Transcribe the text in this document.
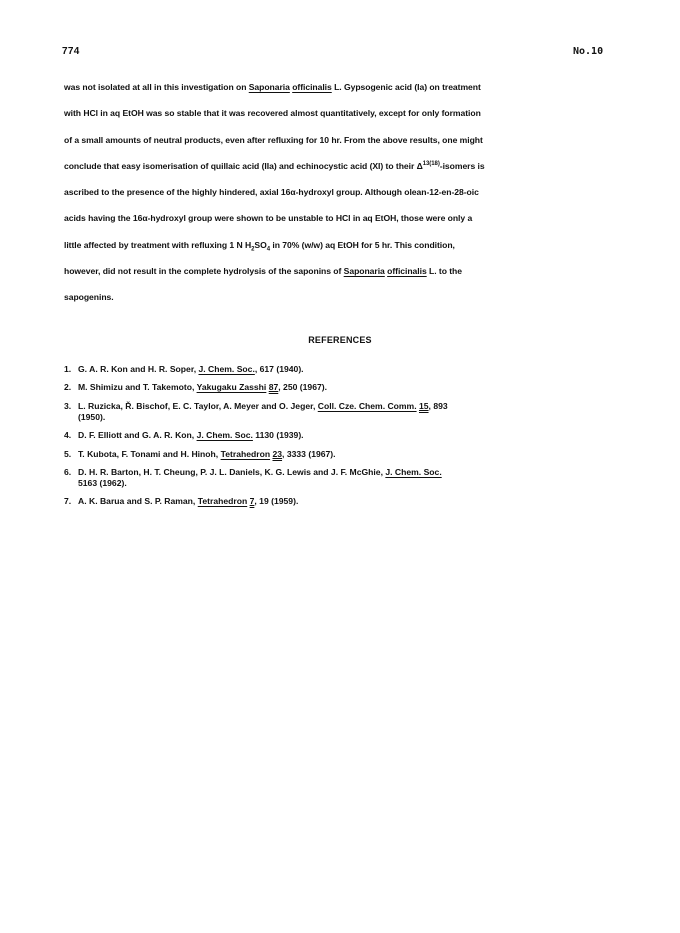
774	No.10
was not isolated at all in this investigation on Saponaria officinalis L. Gypsogenic acid (Ia) on treatment
with HCl in aq EtOH was so stable that it was recovered almost quantitatively, except for only formation
of a small amounts of neutral products, even after refluxing for 10 hr. From the above results, one might
conclude that easy isomerisation of quillaic acid (IIa) and echinocystic acid (XI) to their $\Delta^{13(18)}$-isomers is
ascribed to the presence of the highly hindered, axial 16α-hydroxyl group. Although olean-12-en-28-oic
acids having the 16α-hydroxyl group were shown to be unstable to HCl in aq EtOH, those were only a
little affected by treatment with refluxing 1 N $H_2SO_4$ in 70% (w/w) aq EtOH for 5 hr. This condition,
however, did not result in the complete hydrolysis of the saponins of Saponaria officinalis L. to the
sapogenins.
REFERENCES
1. G. A. R. Kon and H. R. Soper, J. Chem. Soc., 617 (1940).
2. M. Shimizu and T. Takemoto, Yakugaku Zasshi 87, 250 (1967).
3. L. Ruzicka, Ř. Bischof, E. C. Taylor, A. Meyer and O. Jeger, Coll. Cze. Chem. Comm. 15, 893
(1950).
4. D. F. Elliott and G. A. R. Kon, J. Chem. Soc. 1130 (1939).
5. T. Kubota, F. Tonami and H. Hinoh, Tetrahedron 23, 3333 (1967).
6. D. H. R. Barton, H. T. Cheung, P. J. L. Daniels, K. G. Lewis and J. F. McGhie, J. Chem. Soc.
5163 (1962).
7. A. K. Barua and S. P. Raman, Tetrahedron 7, 19 (1959).
